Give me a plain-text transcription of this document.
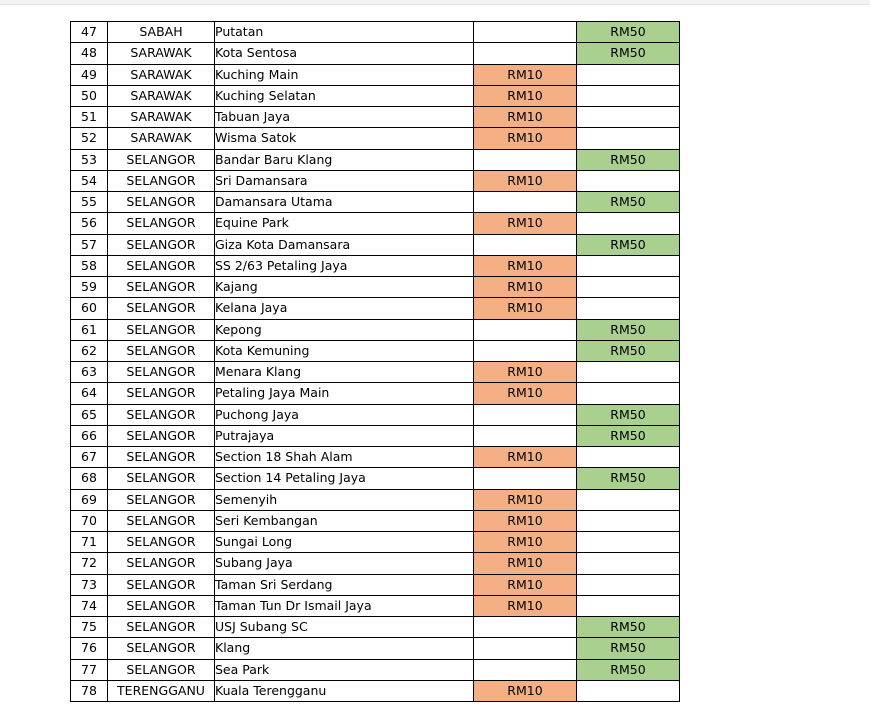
47	SABAH	Putatan		RM50
48	SARAWAK	Kota Sentosa		RM50
49	SARAWAK	Kuching Main	RM10	
50	SARAWAK	Kuching Selatan	RM10	
51	SARAWAK	Tabuan Jaya	RM10	
52	SARAWAK	Wisma Satok	RM10	
53	SELANGOR	Bandar Baru Klang		RM50
54	SELANGOR	Sri Damansara	RM10	
55	SELANGOR	Damansara Utama		RM50
56	SELANGOR	Equine Park	RM10	
57	SELANGOR	Giza Kota Damansara		RM50
58	SELANGOR	SS 2/63 Petaling Jaya	RM10	
59	SELANGOR	Kajang	RM10	
60	SELANGOR	Kelana Jaya	RM10	
61	SELANGOR	Kepong		RM50
62	SELANGOR	Kota Kemuning		RM50
63	SELANGOR	Menara Klang	RM10	
64	SELANGOR	Petaling Jaya Main	RM10	
65	SELANGOR	Puchong Jaya		RM50
66	SELANGOR	Putrajaya		RM50
67	SELANGOR	Section 18 Shah Alam	RM10	
68	SELANGOR	Section 14 Petaling Jaya		RM50
69	SELANGOR	Semenyih	RM10	
70	SELANGOR	Seri Kembangan	RM10	
71	SELANGOR	Sungai Long	RM10	
72	SELANGOR	Subang Jaya	RM10	
73	SELANGOR	Taman Sri Serdang	RM10	
74	SELANGOR	Taman Tun Dr Ismail Jaya	RM10	
75	SELANGOR	USJ Subang SC		RM50
76	SELANGOR	Klang		RM50
77	SELANGOR	Sea Park		RM50
78	TERENGGANU	Kuala Terengganu	RM10	
